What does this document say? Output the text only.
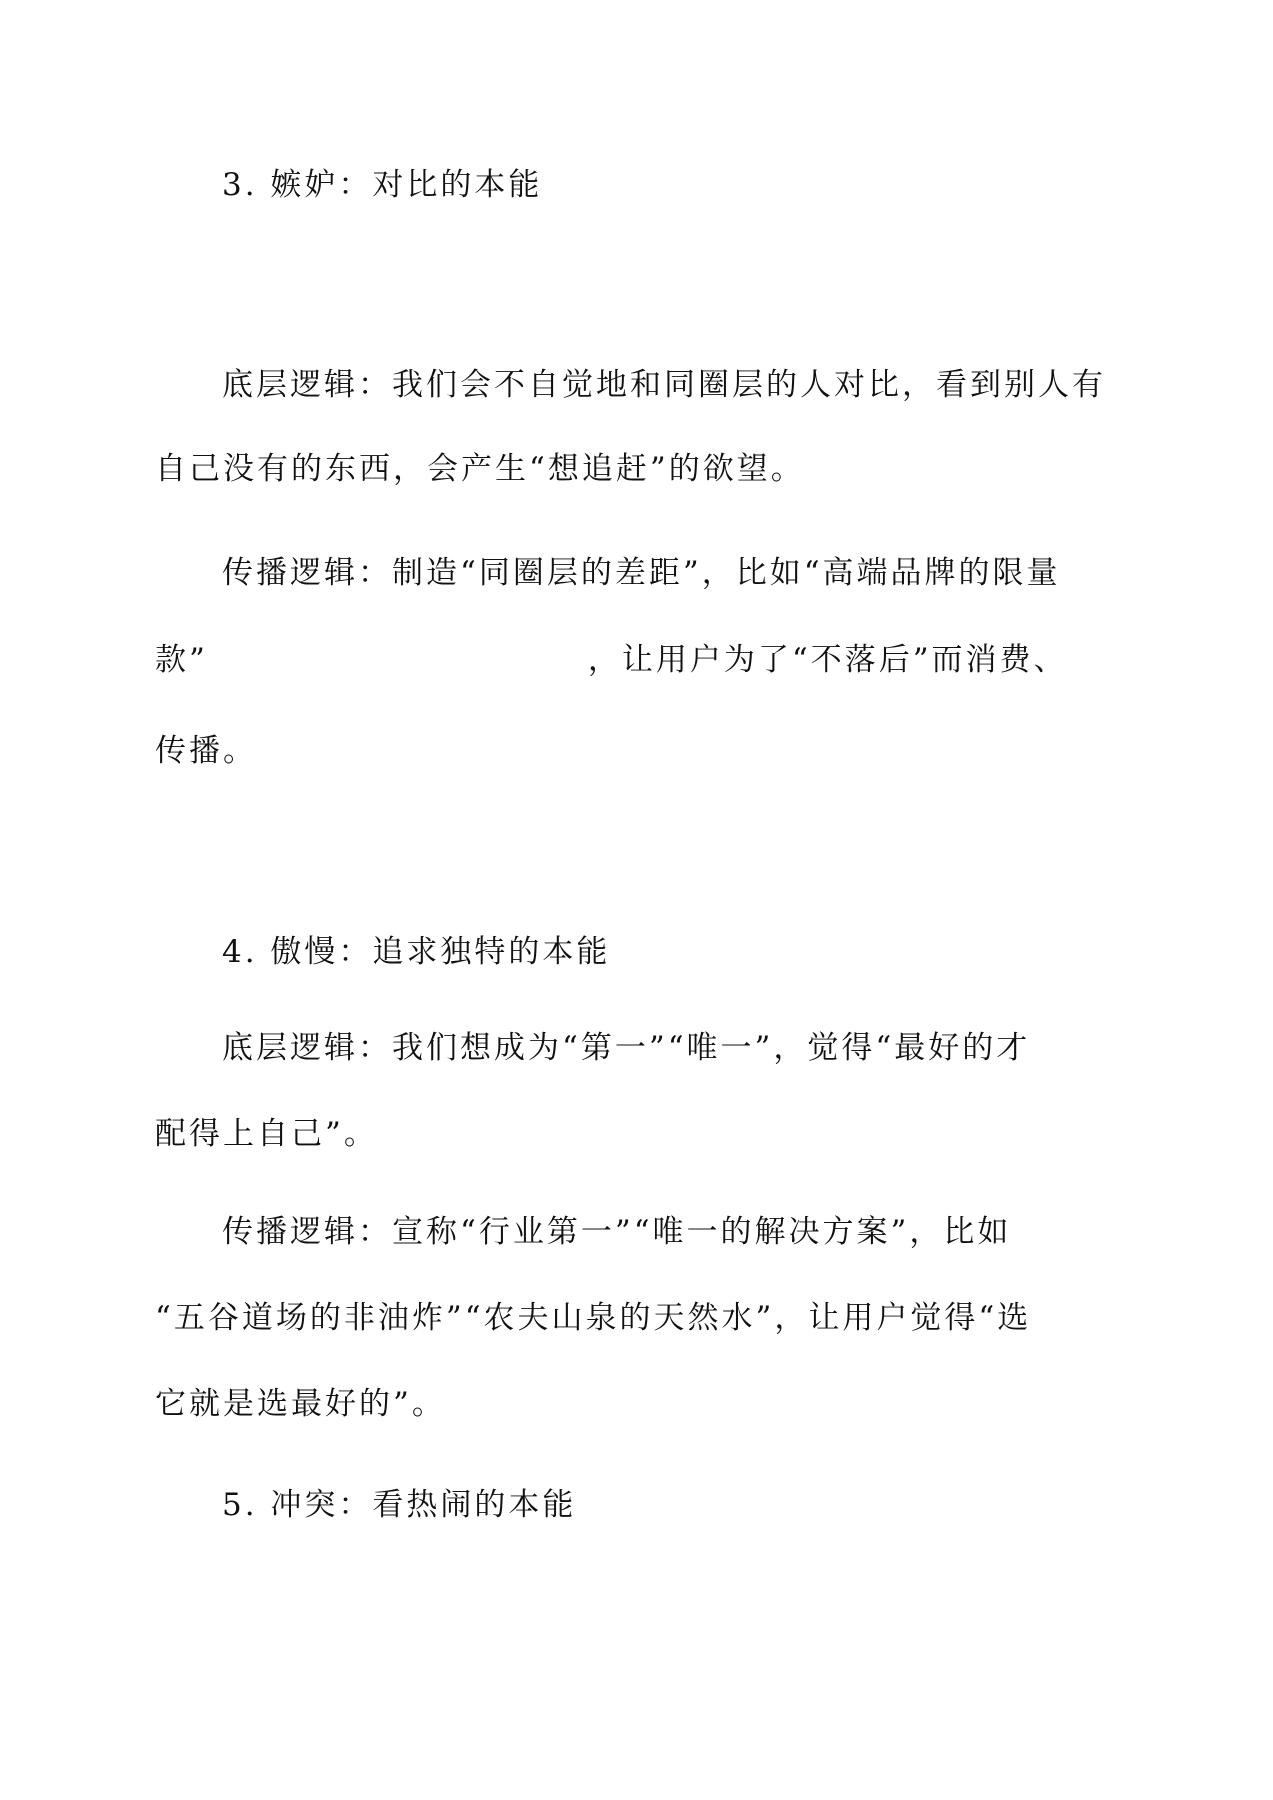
3. 嫉妒：对比的本能
底层逻辑：我们会不自觉地和同圈层的人对比，看到别人有
自己没有的东西，会产生“想追赶”的欲望。
传播逻辑：制造“同圈层的差距”，比如“高端品牌的限量
款”	，让用户为了“不落后”而消费、
传播。
4. 傲慢：追求独特的本能
底层逻辑：我们想成为“第一”“唯一”，觉得“最好的才
配得上自己”。
传播逻辑：宣称“行业第一”“唯一的解决方案”，比如
“五谷道场的非油炸”“农夫山泉的天然水”，让用户觉得“选
它就是选最好的”。
5. 冲突：看热闹的本能
